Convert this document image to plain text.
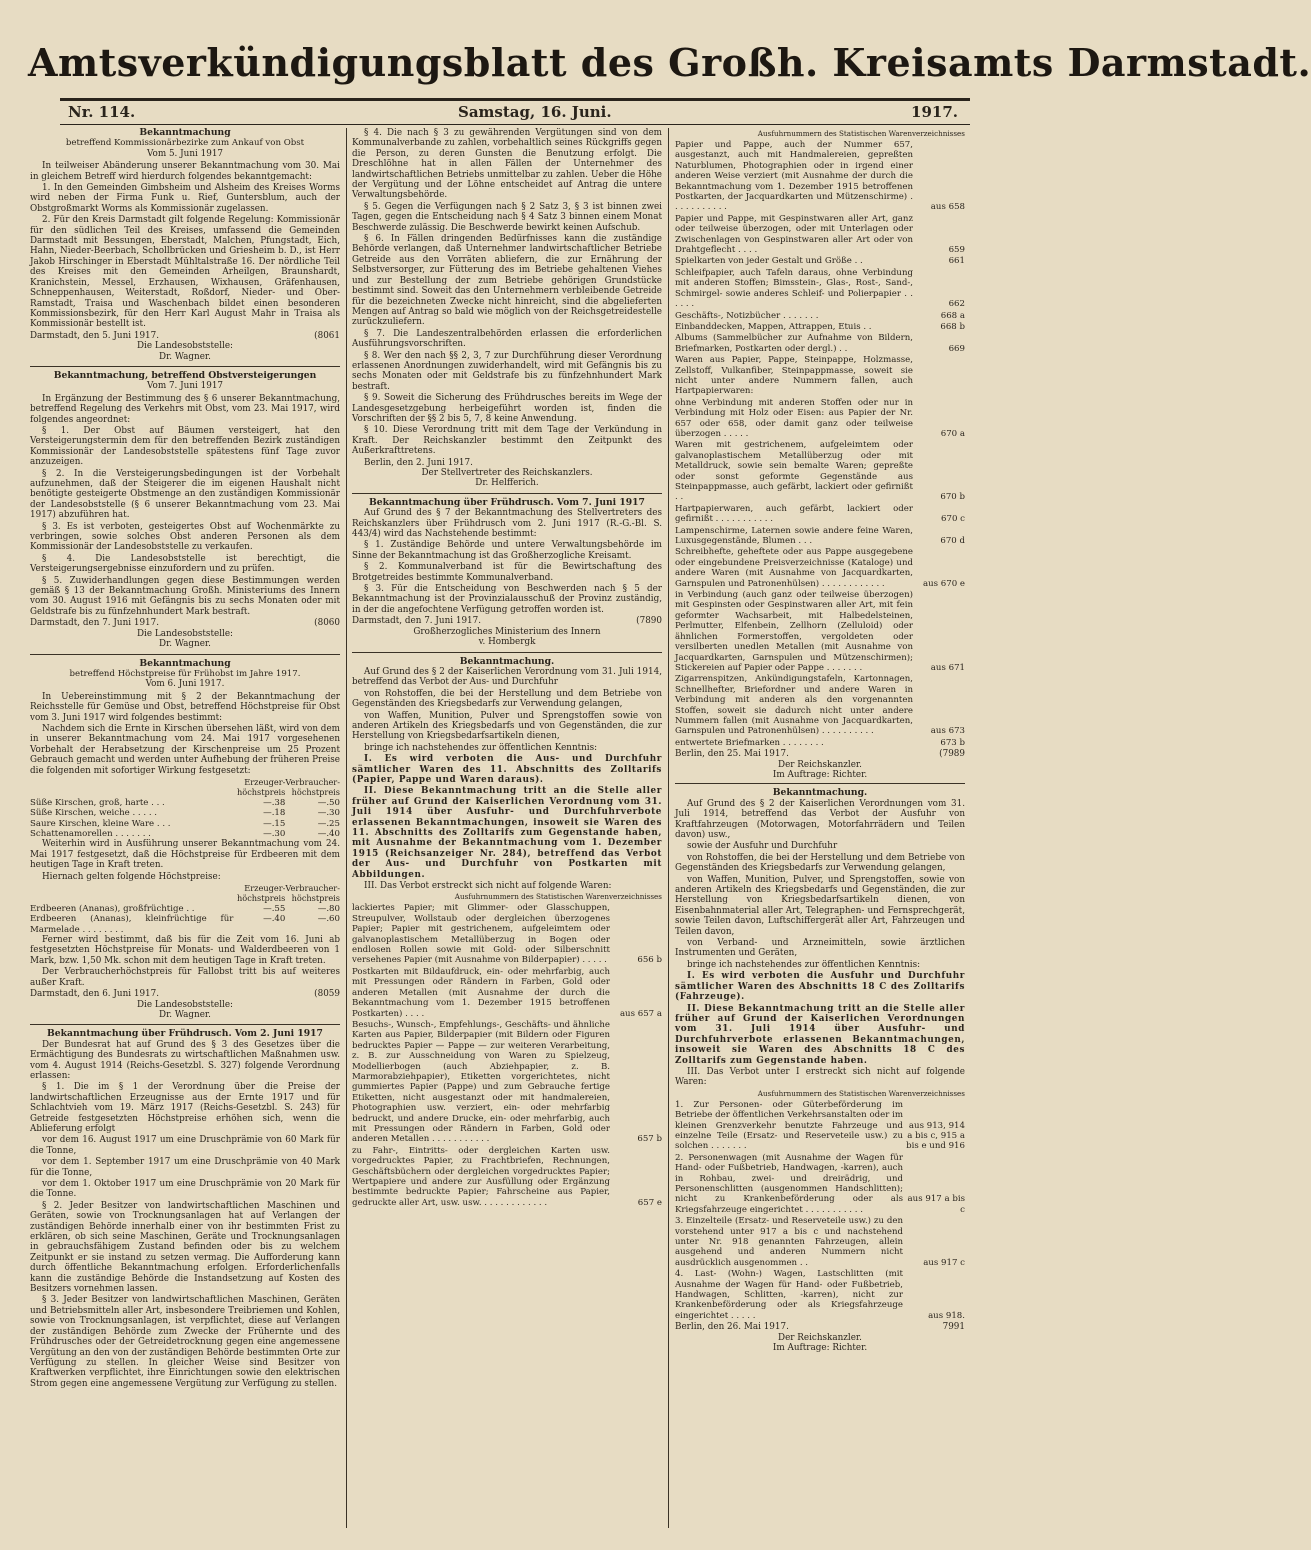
Amtsverkündigungsblatt des Großh. Kreisamts Darmstadt.
Nr. 114.	Samstag, 16. Juni.	1917.
Bekanntmachung
betreffend Kommissionärbezirke zum Ankauf von Obst
Vom 5. Juni 1917
In teilweiser Abänderung unserer Bekanntmachung vom 30. Mai in gleichem Betreff wird hierdurch folgendes bekanntgemacht:
1. In den Gemeinden Gimbsheim und Alsheim des Kreises Worms wird neben der Firma Funk u. Rief, Guntersblum, auch der Obstgroßmarkt Worms als Kommissionär zugelassen.
2. Für den Kreis Darmstadt gilt folgende Regelung: Kommissionär für den südlichen Teil des Kreises, umfassend die Gemeinden Darmstadt mit Bessungen, Eberstadt, Malchen, Pfungstadt, Eich, Hahn, Nieder-Beerbach, Schollbrücken und Griesheim b. D., ist Herr Jakob Hirschinger in Eberstadt Mühltalstraße 16. Der nördliche Teil des Kreises mit den Gemeinden Arheilgen, Braunshardt, Kranichstein, Messel, Erzhausen, Wixhausen, Gräfenhausen, Schneppenhausen, Weiterstadt, Roßdorf, Nieder- und Ober-Ramstadt, Traisa und Waschenbach bildet einen besonderen Kommissionsbezirk, für den Herr Karl August Mahr in Traisa als Kommissionär bestellt ist.
Darmstadt, den 5. Juni 1917.	(8061
Die Landesobststelle:
Dr. Wagner.
Bekanntmachung, betreffend Obstversteigerungen
Vom 7. Juni 1917
In Ergänzung der Bestimmung des § 6 unserer Bekanntmachung, betreffend Regelung des Verkehrs mit Obst, vom 23. Mai 1917, wird folgendes angeordnet:
§ 1. Der Obst auf Bäumen versteigert, hat den Versteigerungstermin dem für den betreffenden Bezirk zuständigen Kommissionär der Landesobststelle spätestens fünf Tage zuvor anzuzeigen.
§ 2. In die Versteigerungsbedingungen ist der Vorbehalt aufzunehmen, daß der Steigerer die im eigenen Haushalt nicht benötigte gesteigerte Obstmenge an den zuständigen Kommissionär der Landesobststelle (§ 6 unserer Bekanntmachung vom 23. Mai 1917) abzuführen hat.
§ 3. Es ist verboten, gesteigertes Obst auf Wochenmärkte zu verbringen, sowie solches Obst anderen Personen als dem Kommissionär der Landesobststelle zu verkaufen.
§ 4. Die Landesobststelle ist berechtigt, die Versteigerungsergebnisse einzufordern und zu prüfen.
§ 5. Zuwiderhandlungen gegen diese Bestimmungen werden gemäß § 13 der Bekanntmachung Großh. Ministeriums des Innern vom 30. August 1916 mit Gefängnis bis zu sechs Monaten oder mit Geldstrafe bis zu fünfzehnhundert Mark bestraft.
Darmstadt, den 7. Juni 1917.	(8060
Die Landesobststelle:
Dr. Wagner.
Bekanntmachung
betreffend Höchstpreise für Frühobst im Jahre 1917.
Vom 6. Juni 1917.
In Uebereinstimmung mit § 2 der Bekanntmachung der Reichsstelle für Gemüse und Obst, betreffend Höchstpreise für Obst vom 3. Juni 1917 wird folgendes bestimmt:
Nachdem sich die Ernte in Kirschen übersehen läßt, wird von dem in unserer Bekanntmachung vom 24. Mai 1917 vorgesehenen Vorbehalt der Herabsetzung der Kirschenpreise um 25 Prozent Gebrauch gemacht und werden unter Aufhebung der früheren Preise die folgenden mit sofortiger Wirkung festgesetzt:
	Erzeuger-
höchstpreis	Verbraucher-
höchstpreis
Süße Kirschen, groß, harte . . .	—.38	—.50
Süße Kirschen, weiche . . . . .	—.18	—.30
Saure Kirschen, kleine Ware . . .	—.15	—.25
Schattenamorellen . . . . . . .	—.30	—.40
Weiterhin wird in Ausführung unserer Bekanntmachung vom 24. Mai 1917 festgesetzt, daß die Höchstpreise für Erdbeeren mit dem heutigen Tage in Kraft treten.
Hiernach gelten folgende Höchstpreise:
	Erzeuger-
höchstpreis	Verbraucher-
höchstpreis
Erdbeeren (Ananas), großfrüchtige . .	—.55	—.80
Erdbeeren (Ananas), kleinfrüchtige für Marmelade . . . . . . . .	—.40	—.60
Ferner wird bestimmt, daß bis für die Zeit vom 16. Juni ab festgesetzten Höchstpreise für Monats- und Walderdbeeren von 1 Mark, bzw. 1,50 Mk. schon mit dem heutigen Tage in Kraft treten.
Der Verbraucherhöchstpreis für Fallobst tritt bis auf weiteres außer Kraft.
Darmstadt, den 6. Juni 1917.	(8059
Die Landesobststelle:
Dr. Wagner.
Bekanntmachung über Frühdrusch. Vom 2. Juni 1917
Der Bundesrat hat auf Grund des § 3 des Gesetzes über die Ermächtigung des Bundesrats zu wirtschaftlichen Maßnahmen usw. vom 4. August 1914 (Reichs-Gesetzbl. S. 327) folgende Verordnung erlassen:
§ 1. Die im § 1 der Verordnung über die Preise der landwirtschaftlichen Erzeugnisse aus der Ernte 1917 und für Schlachtvieh vom 19. März 1917 (Reichs-Gesetzbl. S. 243) für Getreide festgesetzten Höchstpreise erhöhen sich, wenn die Ablieferung erfolgt
vor dem 16. August 1917 um eine Druschprämie von 60 Mark für die Tonne,
vor dem 1. September 1917 um eine Druschprämie von 40 Mark für die Tonne,
vor dem 1. Oktober 1917 um eine Druschprämie von 20 Mark für die Tonne.
§ 2. Jeder Besitzer von landwirtschaftlichen Maschinen und Geräten, sowie von Trocknungsanlagen hat auf Verlangen der zuständigen Behörde innerhalb einer von ihr bestimmten Frist zu erklären, ob sich seine Maschinen, Geräte und Trocknungsanlagen in gebrauchsfähigem Zustand befinden oder bis zu welchem Zeitpunkt er sie instand zu setzen vermag. Die Aufforderung kann durch öffentliche Bekanntmachung erfolgen. Erforderlichenfalls kann die zuständige Behörde die Instandsetzung auf Kosten des Besitzers vornehmen lassen.
§ 3. Jeder Besitzer von landwirtschaftlichen Maschinen, Geräten und Betriebsmitteln aller Art, insbesondere Treibriemen und Kohlen, sowie von Trocknungsanlagen, ist verpflichtet, diese auf Verlangen der zuständigen Behörde zum Zwecke der Frühernte und des Frühdrusches oder der Getreidetrocknung gegen eine angemessene Vergütung an den von der zuständigen Behörde bestimmten Orte zur Verfügung zu stellen. In gleicher Weise sind Besitzer von Kraftwerken verpflichtet, ihre Einrichtungen sowie den elektrischen Strom gegen eine angemessene Vergütung zur Verfügung zu stellen.
§ 4. Die nach § 3 zu gewährenden Vergütungen sind von dem Kommunalverbande zu zahlen, vorbehaltlich seines Rückgriffs gegen die Person, zu deren Gunsten die Benutzung erfolgt. Die Dreschlöhne hat in allen Fällen der Unternehmer des landwirtschaftlichen Betriebs unmittelbar zu zahlen. Ueber die Höhe der Vergütung und der Löhne entscheidet auf Antrag die untere Verwaltungsbehörde.
§ 5. Gegen die Verfügungen nach § 2 Satz 3, § 3 ist binnen zwei Tagen, gegen die Entscheidung nach § 4 Satz 3 binnen einem Monat Beschwerde zulässig. Die Beschwerde bewirkt keinen Aufschub.
§ 6. In Fällen dringenden Bedürfnisses kann die zuständige Behörde verlangen, daß Unternehmer landwirtschaftlicher Betriebe Getreide aus den Vorräten abliefern, die zur Ernährung der Selbstversorger, zur Fütterung des im Betriebe gehaltenen Viehes und zur Bestellung der zum Betriebe gehörigen Grundstücke bestimmt sind. Soweit das den Unternehmern verbleibende Getreide für die bezeichneten Zwecke nicht hinreicht, sind die abgelieferten Mengen auf Antrag so bald wie möglich von der Reichsgetreidestelle zurückzuliefern.
§ 7. Die Landeszentralbehörden erlassen die erforderlichen Ausführungsvorschriften.
§ 8. Wer den nach §§ 2, 3, 7 zur Durchführung dieser Verordnung erlassenen Anordnungen zuwiderhandelt, wird mit Gefängnis bis zu sechs Monaten oder mit Geldstrafe bis zu fünfzehnhundert Mark bestraft.
§ 9. Soweit die Sicherung des Frühdrusches bereits im Wege der Landesgesetzgebung herbeigeführt worden ist, finden die Vorschriften der §§ 2 bis 5, 7, 8 keine Anwendung.
§ 10. Diese Verordnung tritt mit dem Tage der Verkündung in Kraft. Der Reichskanzler bestimmt den Zeitpunkt des Außerkrafttretens.
Berlin, den 2. Juni 1917.
Der Stellvertreter des Reichskanzlers.
Dr. Helfferich.
Bekanntmachung über Frühdrusch. Vom 7. Juni 1917
Auf Grund des § 7 der Bekanntmachung des Stellvertreters des Reichskanzlers über Frühdrusch vom 2. Juni 1917 (R.-G.-Bl. S. 443/4) wird das Nachstehende bestimmt:
§ 1. Zuständige Behörde und untere Verwaltungsbehörde im Sinne der Bekanntmachung ist das Großherzogliche Kreisamt.
§ 2. Kommunalverband ist für die Bewirtschaftung des Brotgetreides bestimmte Kommunalverband.
§ 3. Für die Entscheidung von Beschwerden nach § 5 der Bekanntmachung ist der Provinzialausschuß der Provinz zuständig, in der die angefochtene Verfügung getroffen worden ist.
Darmstadt, den 7. Juni 1917.	(7890
Großherzogliches Ministerium des Innern
v. Hombergk
Bekanntmachung.
Auf Grund des § 2 der Kaiserlichen Verordnung vom 31. Juli 1914, betreffend das Verbot der Aus- und Durchfuhr
von Rohstoffen, die bei der Herstellung und dem Betriebe von Gegenständen des Kriegsbedarfs zur Verwendung gelangen,
von Waffen, Munition, Pulver und Sprengstoffen sowie von anderen Artikeln des Kriegsbedarfs und von Gegenständen, die zur Herstellung von Kriegsbedarfsartikeln dienen,
bringe ich nachstehendes zur öffentlichen Kenntnis:
I. Es wird verboten die Aus- und Durchfuhr sämtlicher Waren des 11. Abschnitts des Zolltarifs (Papier, Pappe und Waren daraus).
II. Diese Bekanntmachung tritt an die Stelle aller früher auf Grund der Kaiserlichen Verordnung vom 31. Juli 1914 über Ausfuhr- und Durchfuhrverbote erlassenen Bekanntmachungen, insoweit sie Waren des 11. Abschnitts des Zolltarifs zum Gegenstande haben, mit Ausnahme der Bekanntmachung vom 1. Dezember 1915 (Reichsanzeiger Nr. 284), betreffend das Verbot der Aus- und Durchfuhr von Postkarten mit Abbildungen.
III. Das Verbot erstreckt sich nicht auf folgende Waren:
Ausfuhrnummern des Statistischen Warenverzeichnisses
lackiertes Papier; mit Glimmer- oder Glasschuppen, Streupulver, Wollstaub oder dergleichen überzogenes Papier; Papier mit gestrichenem, aufgeleimtem oder galvanoplastischem Metallüberzug in Bogen oder endlosen Rollen sowie mit Gold- oder Silberschnitt versehenes Papier (mit Ausnahme von Bilderpapier) . . . . .	656 b
Postkarten mit Bildaufdruck, ein- oder mehrfarbig, auch mit Pressungen oder Rändern in Farben, Gold oder anderen Metallen (mit Ausnahme der durch die Bekanntmachung vom 1. Dezember 1915 betroffenen Postkarten) . . . .	aus 657 a
Besuchs-, Wunsch-, Empfehlungs-, Geschäfts- und ähnliche Karten aus Papier, Bilderpapier (mit Bildern oder Figuren bedrucktes Papier — Pappe — zur weiteren Verarbeitung, z. B. zur Ausschneidung von Waren zu Spielzeug, Modellierbogen (auch Abziehpapier, z. B. Marmorabziehpapier), Etiketten vorgerichtetes, nicht gummiertes Papier (Pappe) und zum Gebrauche fertige Etiketten, nicht ausgestanzt oder mit handmalereien, Photographien usw. verziert, ein- oder mehrfarbig bedruckt, und andere Drucke, ein- oder mehrfarbig, auch mit Pressungen oder Rändern in Farben, Gold oder anderen Metallen . . . . . . . . . . .	657 b
zu Fahr-, Eintritts- oder dergleichen Karten usw. vorgedrucktes Papier, zu Frachtbriefen, Rechnungen, Geschäftsbüchern oder dergleichen vorgedrucktes Papier; Wertpapiere und andere zur Ausfüllung oder Ergänzung bestimmte bedruckte Papier; Fahrscheine aus Papier, gedruckte aller Art, usw. usw. . . . . . . . . . . . .	657 e
Ausfuhrnummern des Statistischen Warenverzeichnisses
Papier und Pappe, auch der Nummer 657, ausgestanzt, auch mit Handmalereien, gepreßten Naturblumen, Photographien oder in irgend einer anderen Weise verziert (mit Ausnahme der durch die Bekanntmachung vom 1. Dezember 1915 betroffenen Postkarten, der Jacquardkarten und Mützenschirme) . . . . . . . . . . .	aus 658
Papier und Pappe, mit Gespinstwaren aller Art, ganz oder teilweise überzogen, oder mit Unterlagen oder Zwischenlagen von Gespinstwaren aller Art oder von Drahtgeflecht . . . .	659
Spielkarten von jeder Gestalt und Größe . .	661
Schleifpapier, auch Tafeln daraus, ohne Verbindung mit anderen Stoffen; Bimsstein-, Glas-, Rost-, Sand-, Schmirgel- sowie anderes Schleif- und Polierpapier . . . . . .	662
Geschäfts-, Notizbücher . . . . . . .	668 a
Einbanddecken, Mappen, Attrappen, Etuis . .	668 b
Albums (Sammelbücher zur Aufnahme von Bildern, Briefmarken, Postkarten oder dergl.) . .	669
Waren aus Papier, Pappe, Steinpappe, Holzmasse, Zellstoff, Vulkanfiber, Steinpappmasse, soweit sie nicht unter andere Nummern fallen, auch Hartpapierwaren:	
ohne Verbindung mit anderen Stoffen oder nur in Verbindung mit Holz oder Eisen: aus Papier der Nr. 657 oder 658, oder damit ganz oder teilweise überzogen . . . . .	670 a
Waren mit gestrichenem, aufgeleimtem oder galvanoplastischem Metallüberzug oder mit Metalldruck, sowie sein bemalte Waren; gepreßte oder sonst geformte Gegenstände aus Steinpappmasse, auch gefärbt, lackiert oder gefirnißt . .	670 b
Hartpapierwaren, auch gefärbt, lackiert oder gefirnißt . . . . . . . . . . .	670 c
Lampenschirme, Laternen sowie andere feine Waren, Luxusgegenstände, Blumen . . .	670 d
Schreibhefte, geheftete oder aus Pappe ausgegebene oder eingebundene Preisverzeichnisse (Kataloge) und andere Waren (mit Ausnahme von Jacquardkarten, Garnspulen und Patronenhülsen) . . . . . . . . . . . .	aus 670 e
in Verbindung (auch ganz oder teilweise überzogen) mit Gespinsten oder Gespinstwaren aller Art, mit fein geformter Wachsarbeit, mit Halbedelsteinen, Perlmutter, Elfenbein, Zellhorn (Zelluloid) oder ähnlichen Formerstoffen, vergoldeten oder versilberten unedlen Metallen (mit Ausnahme von Jacquardkarten, Garnspulen und Mützenschirmen); Stickereien auf Papier oder Pappe . . . . . . .	aus 671
Zigarrenspitzen, Ankündigungstafeln, Kartonnagen, Schnellhefter, Briefordner und andere Waren in Verbindung mit anderen als den vorgenannten Stoffen, soweit sie dadurch nicht unter andere Nummern fallen (mit Ausnahme von Jacquardkarten, Garnspulen und Patronenhülsen) . . . . . . . . . .	aus 673
entwertete Briefmarken . . . . . . . .	673 b
Berlin, den 25. Mai 1917.	(7989
Der Reichskanzler.
Im Auftrage: Richter.
Bekanntmachung.
Auf Grund des § 2 der Kaiserlichen Verordnungen vom 31. Juli 1914, betreffend das Verbot der Ausfuhr von Kraftfahrzeugen (Motorwagen, Motorfahrrädern und Teilen davon) usw.,
sowie der Ausfuhr und Durchfuhr
von Rohstoffen, die bei der Herstellung und dem Betriebe von Gegenständen des Kriegsbedarfs zur Verwendung gelangen,
von Waffen, Munition, Pulver, und Sprengstoffen, sowie von anderen Artikeln des Kriegsbedarfs und Gegenständen, die zur Herstellung von Kriegsbedarfsartikeln dienen, von Eisenbahnmaterial aller Art, Telegraphen- und Fernsprechgerät, sowie Teilen davon, Luftschiffergerät aller Art, Fahrzeugen und Teilen davon,
von Verband- und Arzneimitteln, sowie ärztlichen Instrumenten und Geräten,
bringe ich nachstehendes zur öffentlichen Kenntnis:
I. Es wird verboten die Ausfuhr und Durchfuhr sämtlicher Waren des Abschnitts 18 C des Zolltarifs (Fahrzeuge).
II. Diese Bekanntmachung tritt an die Stelle aller früher auf Grund der Kaiserlichen Verordnungen vom 31. Juli 1914 über Ausfuhr- und Durchfuhrverbote erlassenen Bekanntmachungen, insoweit sie Waren des Abschnitts 18 C des Zolltarifs zum Gegenstande haben.
III. Das Verbot unter I erstreckt sich nicht auf folgende Waren:
Ausfuhrnummern des Statistischen Warenverzeichnisses
1. Zur Personen- oder Güterbeförderung im Betriebe der öffentlichen Verkehrsanstalten oder im kleinen Grenzverkehr benutzte Fahrzeuge und einzelne Teile (Ersatz- und Reserveteile usw.) zu solchen . . . . . . .	aus 913, 914 a bis c, 915 a bis e und 916
2. Personenwagen (mit Ausnahme der Wagen für Hand- oder Fußbetrieb, Handwagen, -karren), auch in Rohbau, zwei- und dreirädrig, und Personenschlitten (ausgenommen Handschlitten); nicht zu Krankenbeförderung oder als Kriegsfahrzeuge eingerichtet . . . . . . . . . . .	aus 917 a bis c
3. Einzelteile (Ersatz- und Reserveteile usw.) zu den vorstehend unter 917 a bis c und nachstehend unter Nr. 918 genannten Fahrzeugen, allein ausgehend und anderen Nummern nicht ausdrücklich ausgenommen . .	aus 917 c
4. Last- (Wohn-) Wagen, Lastschlitten (mit Ausnahme der Wagen für Hand- oder Fußbetrieb, Handwagen, Schlitten, -karren), nicht zur Krankenbeförderung oder als Kriegsfahrzeuge eingerichtet . . . . .	aus 918.
Berlin, den 26. Mai 1917.	7991
Der Reichskanzler.
Im Auftrage: Richter.
